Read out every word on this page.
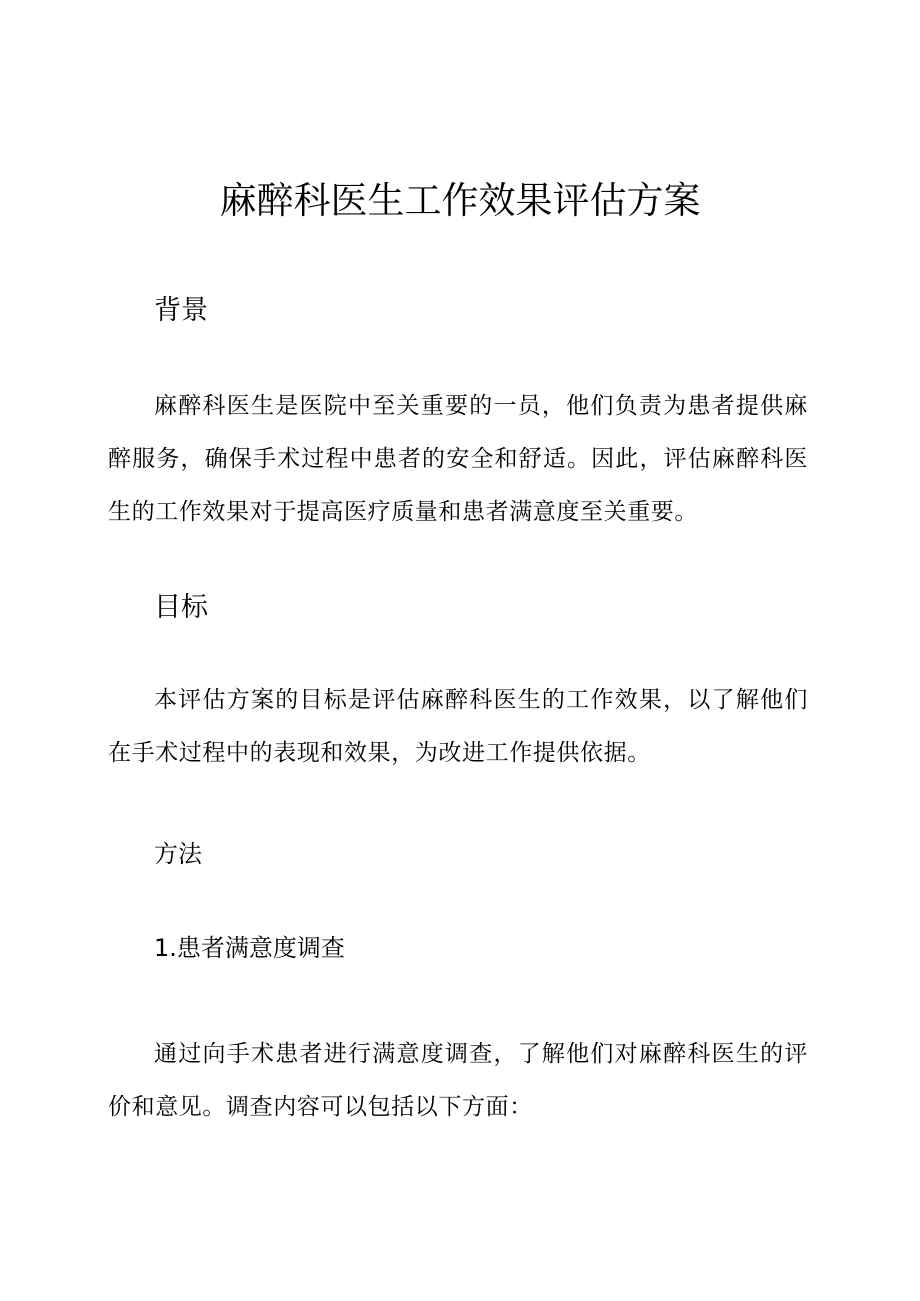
麻醉科医生工作效果评估方案
背景

麻醉科医生是医院中至关重要的一员，他们负责为患者提供麻醉服务，确保手术过程中患者的安全和舒适。因此，评估麻醉科医生的工作效果对于提高医疗质量和患者满意度至关重要。

目标

本评估方案的目标是评估麻醉科医生的工作效果，以了解他们在手术过程中的表现和效果，为改进工作提供依据。

方法
1.患者满意度调查

通过向手术患者进行满意度调查，了解他们对麻醉科医生的评价和意见。调查内容可以包括以下方面：
